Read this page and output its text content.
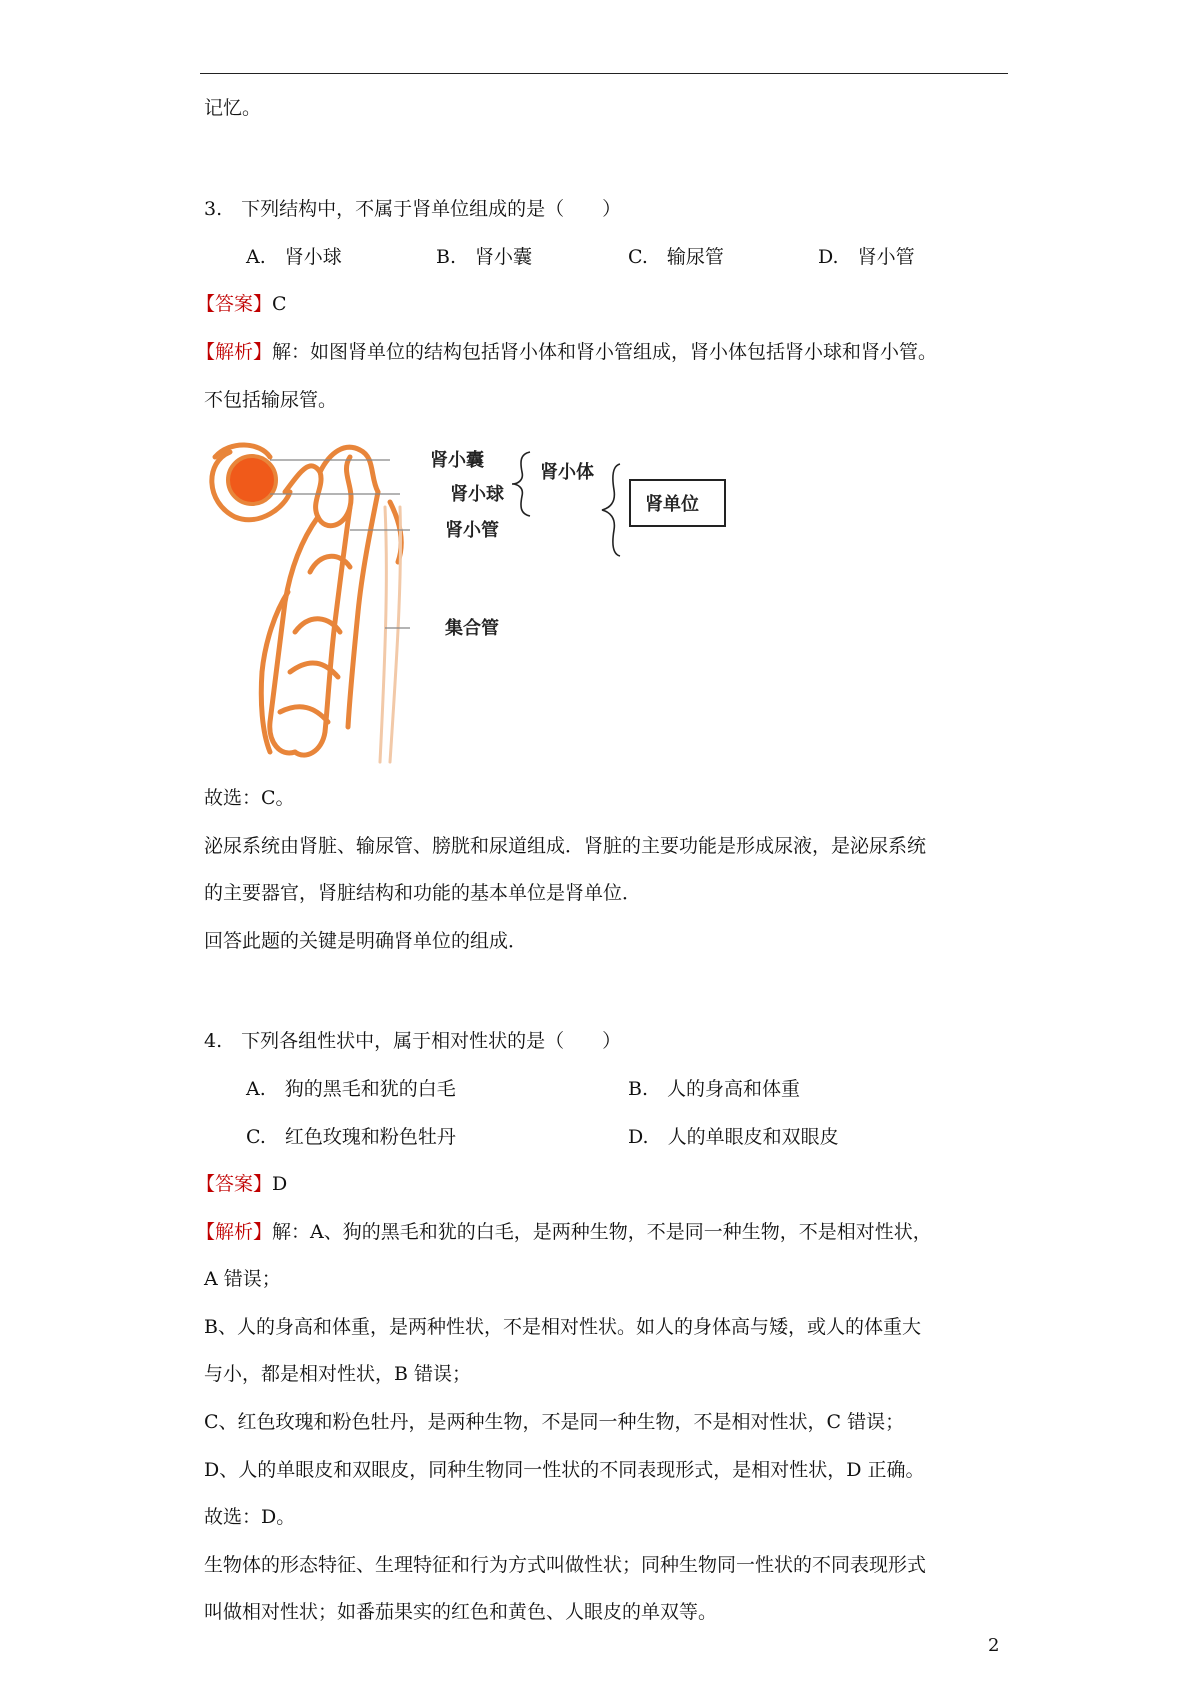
记忆。
3.　下列结构中，不属于肾单位组成的是（　　）
A.　肾小球	B.　肾小囊	C.　输尿管	D.　肾小管
【答案】C
【解析】解：如图肾单位的结构包括肾小体和肾小管组成，肾小体包括肾小球和肾小管。
不包括输尿管。
肾小囊
肾小球
肾小管
集合管
肾小体
肾单位
故选：C。
泌尿系统由肾脏、输尿管、膀胱和尿道组成．肾脏的主要功能是形成尿液，是泌尿系统
的主要器官，肾脏结构和功能的基本单位是肾单位．
回答此题的关键是明确肾单位的组成．
4.　下列各组性状中，属于相对性状的是（　　）
A.　狗的黑毛和犹的白毛	B.　人的身高和体重
C.　红色玫瑰和粉色牡丹	D.　人的单眼皮和双眼皮
【答案】D
【解析】解：A、狗的黑毛和犹的白毛，是两种生物，不是同一种生物，不是相对性状，
A 错误；
B、人的身高和体重，是两种性状，不是相对性状。如人的身体高与矮，或人的体重大
与小，都是相对性状，B 错误；
C、红色玫瑰和粉色牡丹，是两种生物，不是同一种生物，不是相对性状，C 错误；
D、人的单眼皮和双眼皮，同种生物同一性状的不同表现形式，是相对性状，D 正确。
故选：D。
生物体的形态特征、生理特征和行为方式叫做性状；同种生物同一性状的不同表现形式
叫做相对性状；如番茄果实的红色和黄色、人眼皮的单双等。
2
